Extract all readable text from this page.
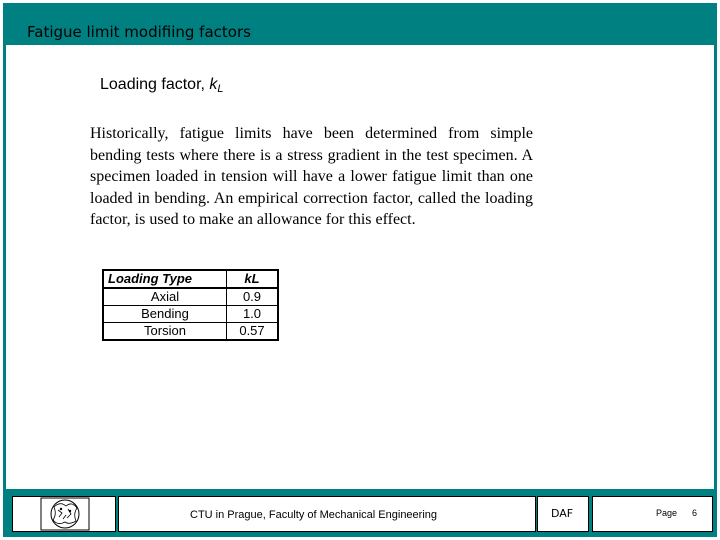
Fatigue limit modifiing factors
Loading factor, $k_L$
Historically, fatigue limits have been determined from simple bending tests where there is a stress gradient in the test specimen. A specimen loaded in tension will have a lower fatigue limit than one loaded in bending. An empirical correction factor, called the loading factor, is used to make an allowance for this effect.
Loading Type	kL
Axial	0.9
Bending	1.0
Torsion	0.57
CTU in Prague, Faculty of Mechanical Engineering	DAF	Page 6
